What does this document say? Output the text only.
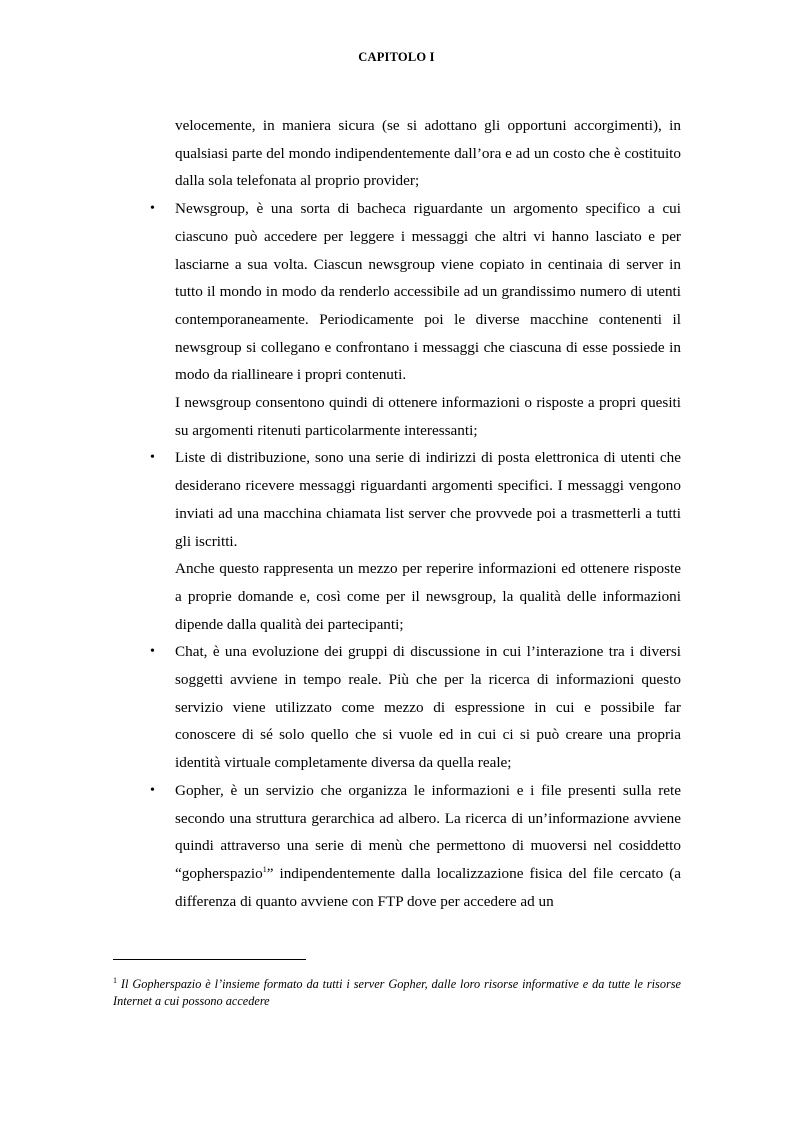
CAPITOLO I

velocemente, in maniera sicura (se si adottano gli opportuni accorgimenti), in qualsiasi parte del mondo indipendentemente dall’ora e ad un costo che è costituito dalla sola telefonata al proprio provider;

• Newsgroup, è una sorta di bacheca riguardante un argomento specifico a cui ciascuno può accedere per leggere i messaggi che altri vi hanno lasciato e per lasciarne a sua volta. Ciascun newsgroup viene copiato in centinaia di server in tutto il mondo in modo da renderlo accessibile ad un grandissimo numero di utenti contemporaneamente. Periodicamente poi le diverse macchine contenenti il newsgroup si collegano e confrontano i messaggi che ciascuna di esse possiede in modo da riallineare i propri contenuti.

I newsgroup consentono quindi di ottenere informazioni o risposte a propri quesiti su argomenti ritenuti particolarmente interessanti;

• Liste di distribuzione, sono una serie di indirizzi di posta elettronica di utenti che desiderano ricevere messaggi riguardanti argomenti specifici. I messaggi vengono inviati ad una macchina chiamata list server che provvede poi a trasmetterli a tutti gli iscritti.

Anche questo rappresenta un mezzo per reperire informazioni ed ottenere risposte a proprie domande e, così come per il newsgroup, la qualità delle informazioni dipende dalla qualità dei partecipanti;

• Chat, è una evoluzione dei gruppi di discussione in cui l’interazione tra i diversi soggetti avviene in tempo reale. Più che per la ricerca di informazioni questo servizio viene utilizzato come mezzo di espressione in cui e possibile far conoscere di sé solo quello che si vuole ed in cui ci si può creare una propria identità virtuale completamente diversa da quella reale;

• Gopher, è un servizio che organizza le informazioni e i file presenti sulla rete secondo una struttura gerarchica ad albero. La ricerca di un’informazione avviene quindi attraverso una serie di menù che permettono di muoversi nel cosiddetto “gopherspazio$^1$” indipendentemente dalla localizzazione fisica del file cercato (a differenza di quanto avviene con FTP dove per accedere ad un

$^1$ Il Gopherspazio è l’insieme formato da tutti i server Gopher, dalle loro risorse informative e da tutte le risorse Internet a cui possono accedere
